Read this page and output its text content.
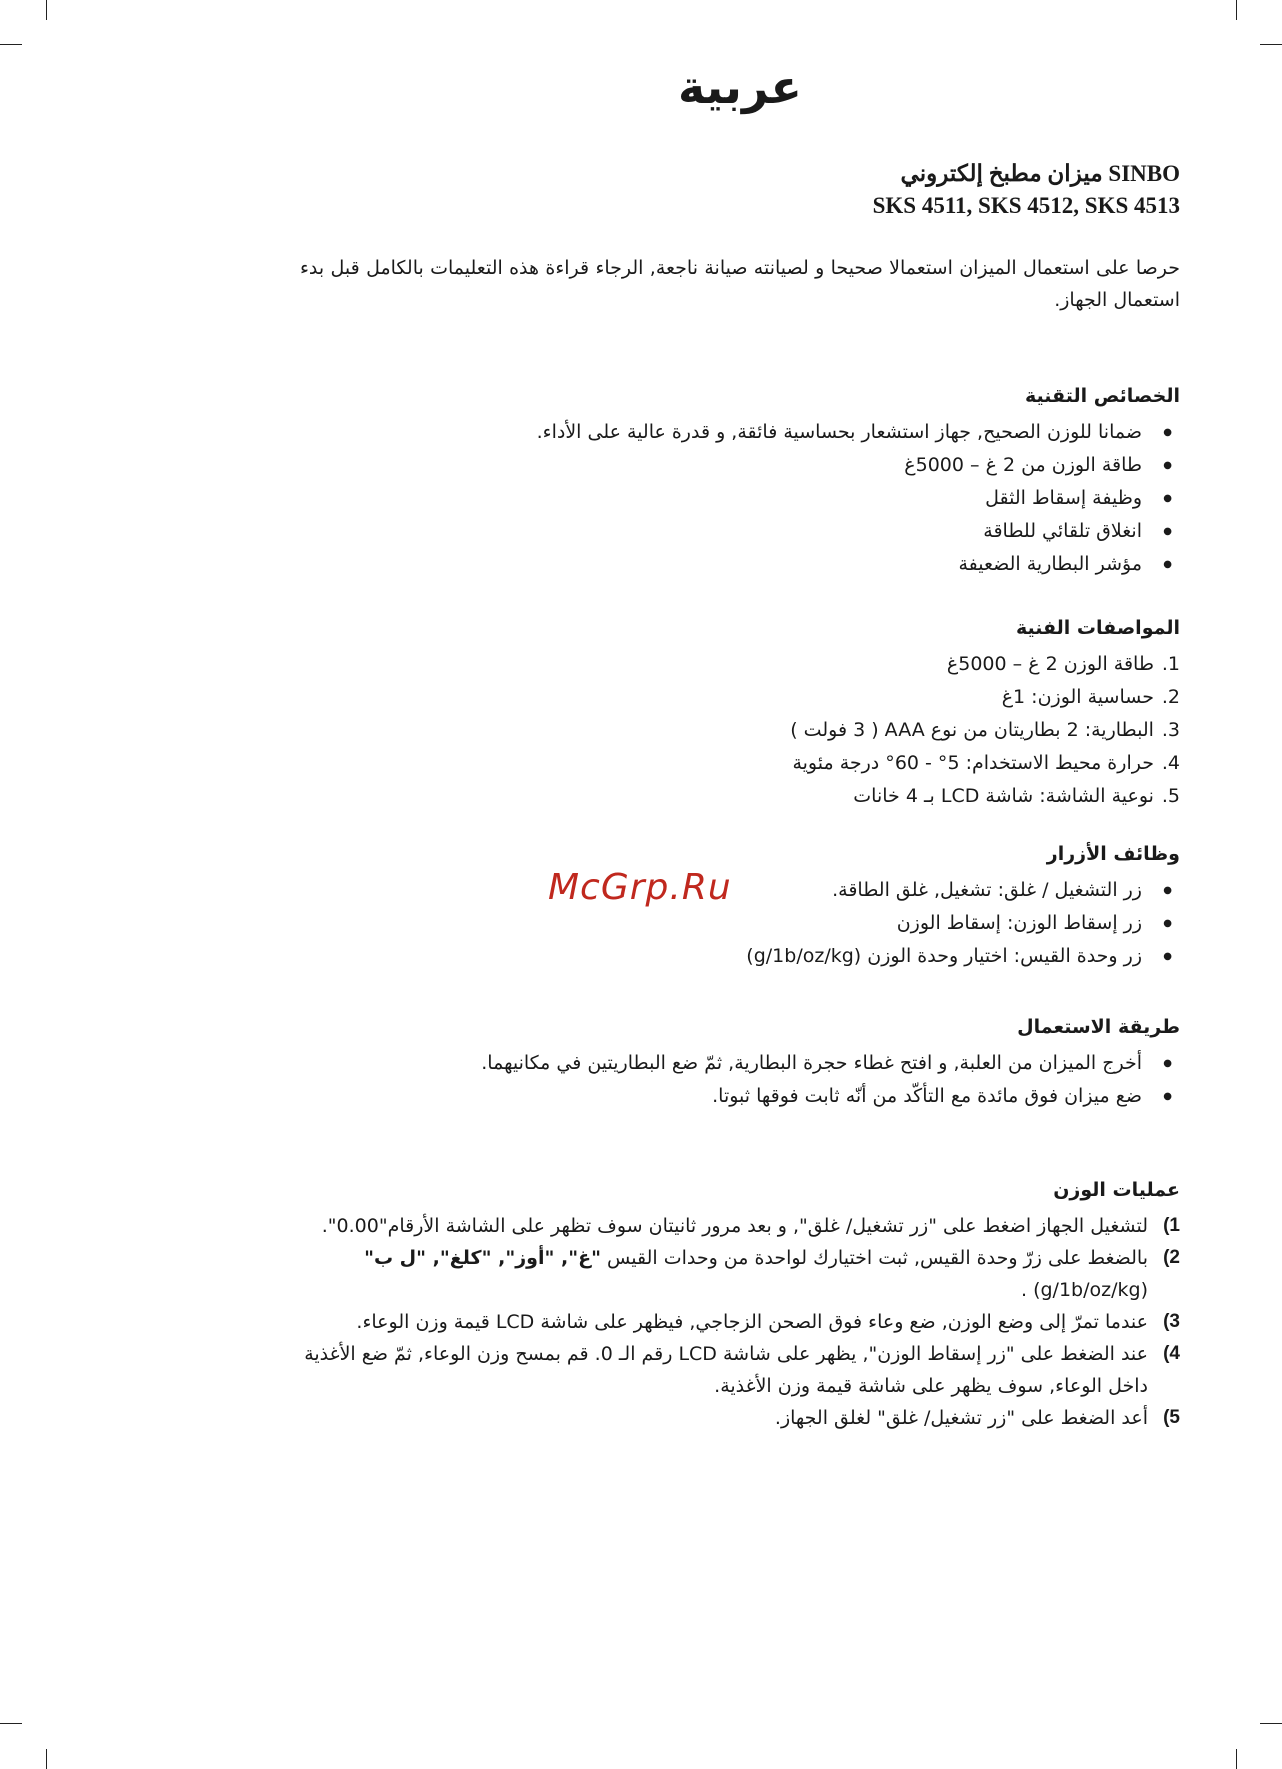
عربية
SINBO ميزان مطبخ إلكتروني
SKS 4511, SKS 4512, SKS 4513
حرصا على استعمال الميزان استعمالا صحيحا و لصيانته صيانة ناجعة, الرجاء قراءة هذه التعليمات بالكامل قبل بدء استعمال الجهاز.
الخصائص التقنية
● ضمانا للوزن الصحيح, جهاز استشعار بحساسية فائقة, و قدرة عالية على الأداء.
● طاقة الوزن من 2 غ – 5000غ
● وظيفة إسقاط الثقل
● انغلاق تلقائي للطاقة
● مؤشر البطارية الضعيفة
المواصفات الفنية
1. طاقة الوزن 2 غ – 5000غ
2. حساسية الوزن: 1غ
3. البطارية: 2 بطاريتان من نوع AAA ( 3 فولت )
4. حرارة محيط الاستخدام: 5° - 60° درجة مئوية
5. نوعية الشاشة: شاشة LCD بـ 4 خانات
وظائف الأزرار
● زر التشغيل / غلق: تشغيل, غلق الطاقة.
● زر إسقاط الوزن: إسقاط الوزن
● زر وحدة القيس: اختيار وحدة الوزن (g/1b/oz/kg)
طريقة الاستعمال
● أخرج الميزان من العلبة, و افتح غطاء حجرة البطارية, ثمّ ضع البطاريتين في مكانيهما.
● ضع ميزان فوق مائدة مع التأكّد من أنّه ثابت فوقها ثبوتا.
عمليات الوزن
1)
لتشغيل الجهاز اضغط على "زر تشغيل/ غلق", و بعد مرور ثانيتان سوف تظهر على الشاشة الأرقام"0.00".
2)
بالضغط على زرّ وحدة القيس, ثبت اختيارك لواحدة من وحدات القيس "غ", "أوز", "كلغ", "ل ب" (g/1b/oz/kg) .
3)
عندما تمرّ إلى وضع الوزن, ضع وعاء فوق الصحن الزجاجي, فيظهر على شاشة LCD قيمة وزن الوعاء.
4)
عند الضغط على "زر إسقاط الوزن", يظهر على شاشة LCD رقم الـ 0. قم بمسح وزن الوعاء, ثمّ ضع الأغذية داخل الوعاء, سوف يظهر على شاشة قيمة وزن الأغذية.
5)
أعد الضغط على "زر تشغيل/ غلق" لغلق الجهاز.
McGrp.Ru
